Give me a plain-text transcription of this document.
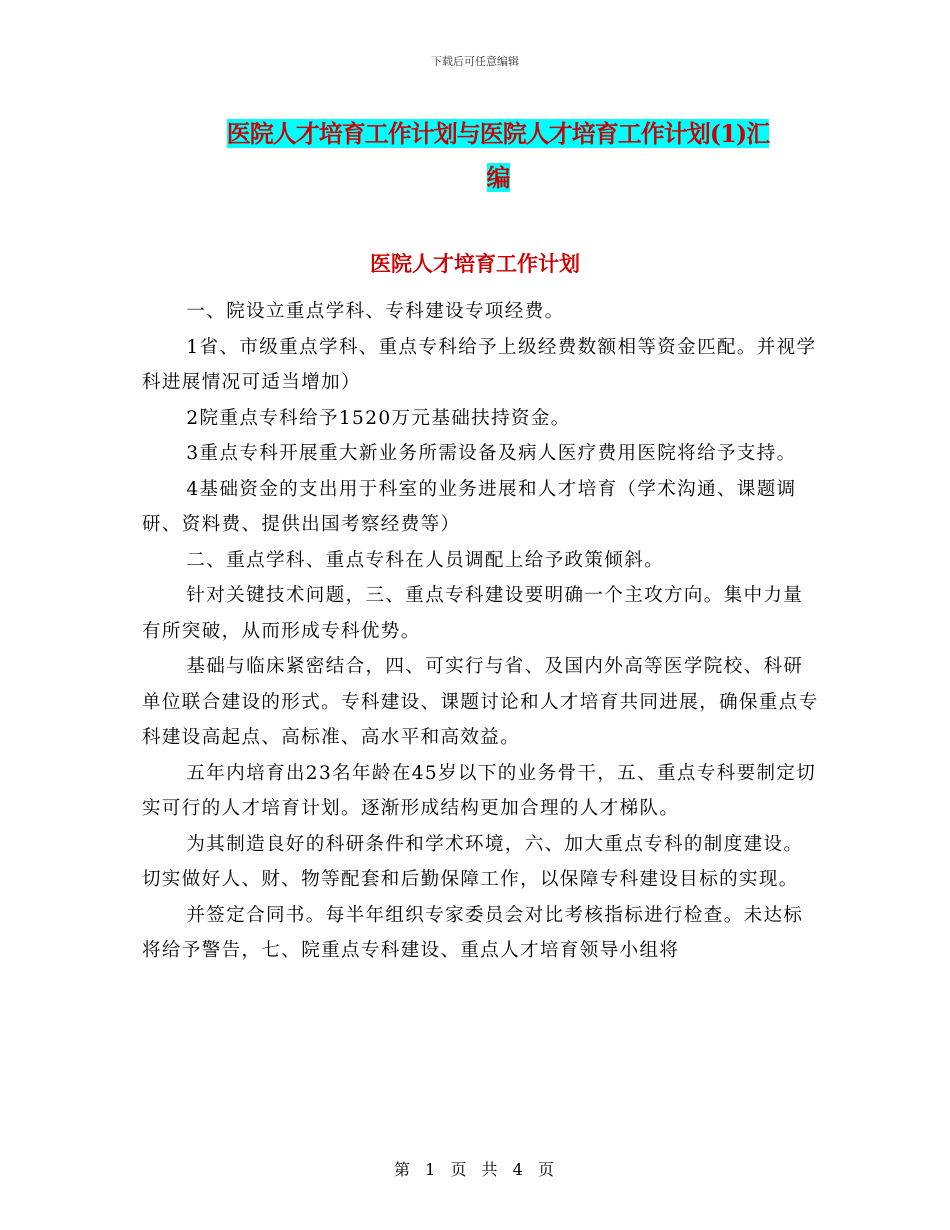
下载后可任意编辑
医院人才培育工作计划与医院人才培育工作计划(1)汇
编
医院人才培育工作计划

一、院设立重点学科、专科建设专项经费。

1省、市级重点学科、重点专科给予上级经费数额相等资金匹配。并视学科进展情况可适当增加）

2院重点专科给予1520万元基础扶持资金。

3重点专科开展重大新业务所需设备及病人医疗费用医院将给予支持。

4基础资金的支出用于科室的业务进展和人才培育（学术沟通、课题调研、资料费、提供出国考察经费等）

二、重点学科、重点专科在人员调配上给予政策倾斜。

针对关键技术问题，三、重点专科建设要明确一个主攻方向。集中力量有所突破，从而形成专科优势。

基础与临床紧密结合，四、可实行与省、及国内外高等医学院校、科研单位联合建设的形式。专科建设、课题讨论和人才培育共同进展，确保重点专科建设高起点、高标准、高水平和高效益。

五年内培育出23名年龄在45岁以下的业务骨干，五、重点专科要制定切实可行的人才培育计划。逐渐形成结构更加合理的人才梯队。

为其制造良好的科研条件和学术环境，六、加大重点专科的制度建设。切实做好人、财、物等配套和后勤保障工作，以保障专科建设目标的实现。

并签定合同书。每半年组织专家委员会对比考核指标进行检查。未达标将给予警告，七、院重点专科建设、重点人才培育领导小组将

第 1 页 共 4 页
